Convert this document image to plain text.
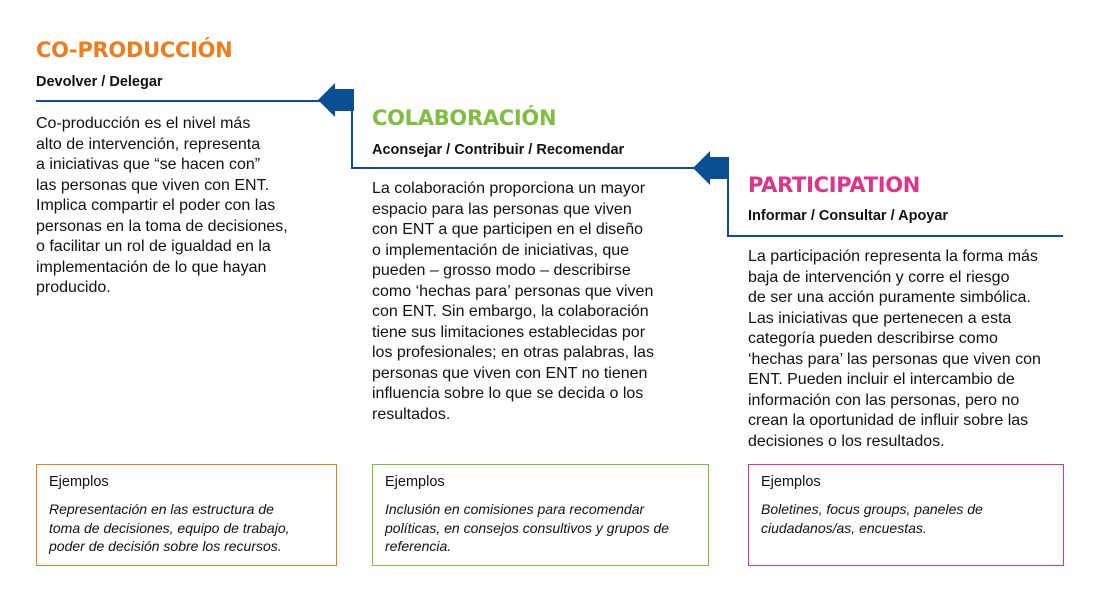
CO-PRODUCCIÓN
Devolver / Delegar
Co-producción es el nivel más
alto de intervención, representa
a iniciativas que “se hacen con”
las personas que viven con ENT.
Implica compartir el poder con las
personas en la toma de decisiones,
o facilitar un rol de igualdad en la
implementación de lo que hayan
producido.
Ejemplos
Representación en las estructura de
toma de decisiones, equipo de trabajo,
poder de decisión sobre los recursos.
COLABORACIÓN
Aconsejar / Contribuir / Recomendar
La colaboración proporciona un mayor
espacio para las personas que viven
con ENT a que participen en el diseño
o implementación de iniciativas, que
pueden – grosso modo – describirse
como ‘hechas para’ personas que viven
con ENT. Sin embargo, la colaboración
tiene sus limitaciones establecidas por
los profesionales; en otras palabras, las
personas que viven con ENT no tienen
influencia sobre lo que se decida o los
resultados.
Ejemplos
Inclusión en comisiones para recomendar
políticas, en consejos consultivos y grupos de
referencia.
PARTICIPATION
Informar / Consultar / Apoyar
La participación representa la forma más
baja de intervención y corre el riesgo
de ser una acción puramente simbólica.
Las iniciativas que pertenecen a esta
categoría pueden describirse como
‘hechas para’ las personas que viven con
ENT. Pueden incluir el intercambio de
información con las personas, pero no
crean la oportunidad de influir sobre las
decisiones o los resultados.
Ejemplos
Boletines, focus groups, paneles de
ciudadanos/as, encuestas.
